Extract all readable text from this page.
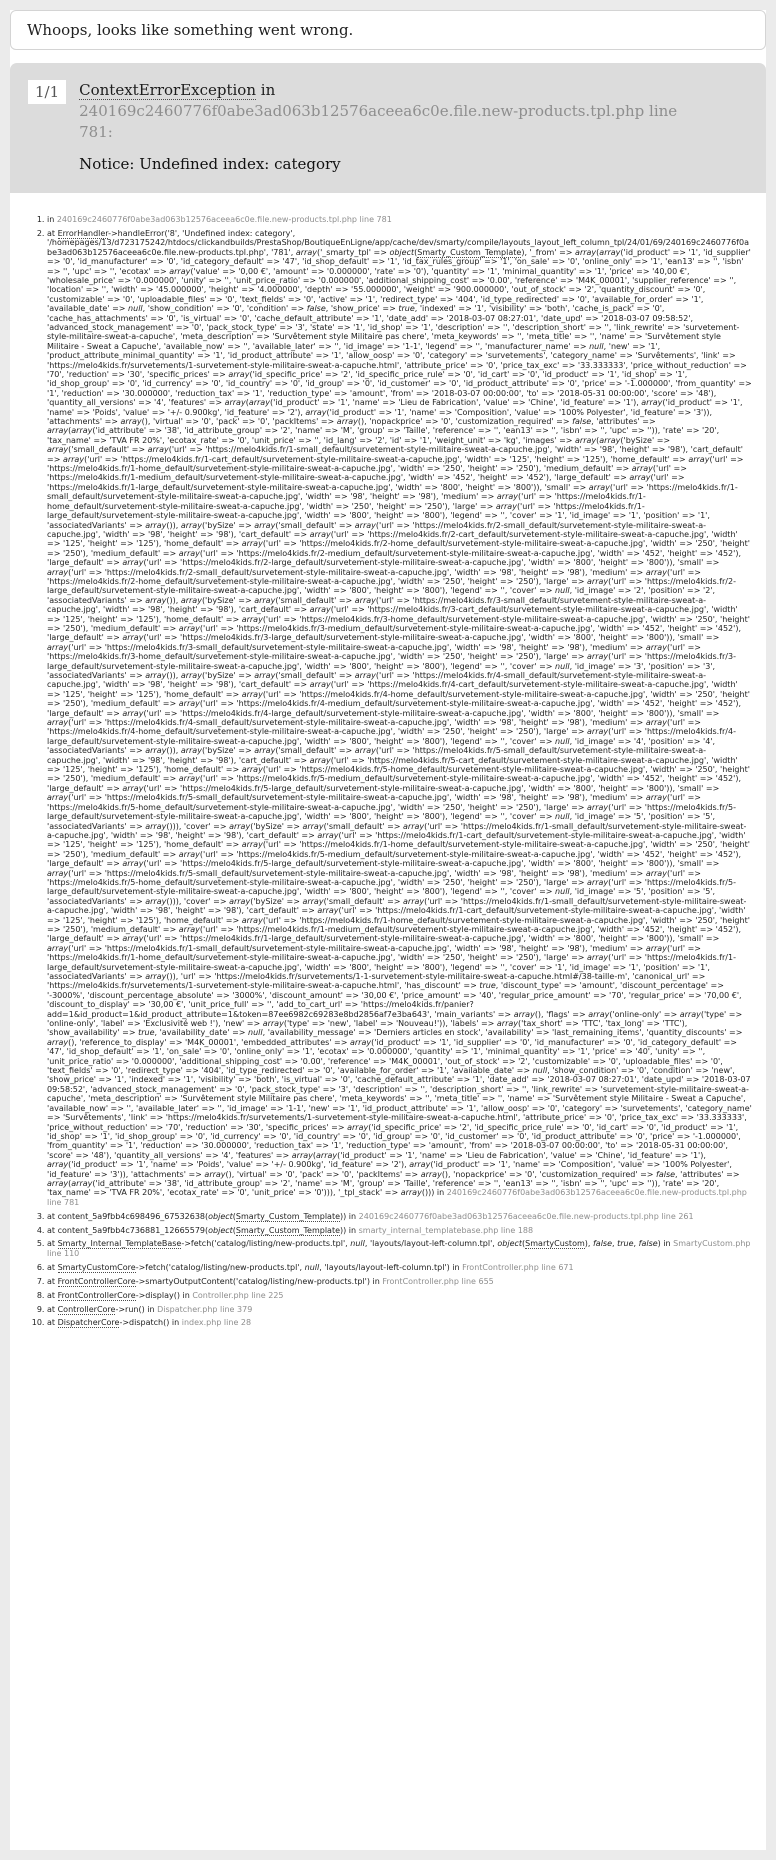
Whoops, looks like something went wrong.
1/1	ContextErrorException in 240169c2460776f0abe3ad063b12576aceea6c0e.file.new-products.tpl.php line 781:

Notice: Undefined index: category

1. in 240169c2460776f0abe3ad063b12576aceea6c0e.file.new-products.tpl.php line 781
2. at ErrorHandler->handleError('8', 'Undefined index: category', '/homepages/13/d723175242/htdocs/clickandbuilds/PrestaShop/BoutiqueEnLigne/app/cache/dev/smarty/compile/layouts_layout_left_column_tpl/24/01/69/240169c2460776f0abe3ad063b12576aceea6c0e.file.new-products.tpl.php', '781', array('_smarty_tpl' => object(Smarty_Custom_Template), '_from' => array(array('id_product' => '1', 'id_supplier' => '0', 'id_manufacturer' => '0', 'id_category_default' => '47', 'id_shop_default' => '1', 'id_tax_rules_group' => '1', 'on_sale' => '0', 'online_only' => '1', 'ean13' => '', 'isbn' => '', 'upc' => '', 'ecotax' => array('value' => '0,00 €', 'amount' => '0.000000', 'rate' => '0'), 'quantity' => '1', 'minimal_quantity' => '1', 'price' => '40,00 €', 'wholesale_price' => '0.000000', 'unity' => '', 'unit_price_ratio' => '0.000000', 'additional_shipping_cost' => '0.00', 'reference' => 'M4K_00001', 'supplier_reference' => '', 'location' => '', 'width' => '45.000000', 'height' => '4.000000', 'depth' => '55.000000', 'weight' => '900.000000', 'out_of_stock' => '2', 'quantity_discount' => '0', 'customizable' => '0', 'uploadable_files' => '0', 'text_fields' => '0', 'active' => '1', 'redirect_type' => '404', 'id_type_redirected' => '0', 'available_for_order' => '1', 'available_date' => null, 'show_condition' => '0', 'condition' => false, 'show_price' => true, 'indexed' => '1', 'visibility' => 'both', 'cache_is_pack' => '0', 'cache_has_attachments' => '0', 'is_virtual' => '0', 'cache_default_attribute' => '1', 'date_add' => '2018-03-07 08:27:01', 'date_upd' => '2018-03-07 09:58:52', 'advanced_stock_management' => '0', 'pack_stock_type' => '3', 'state' => '1', 'id_shop' => '1', 'description' => '', 'description_short' => '', 'link_rewrite' => 'survetement-style-militaire-sweat-a-capuche', 'meta_description' => 'Survêtement style Militaire pas chere', 'meta_keywords' => '', 'meta_title' => '', 'name' => 'Survêtement style Militaire - Sweat a Capuche', 'available_now' => '', 'available_later' => '', 'id_image' => '1-1', 'legend' => '', 'manufacturer_name' => null, 'new' => '1', 'product_attribute_minimal_quantity' => '1', 'id_product_attribute' => '1', 'allow_oosp' => '0', 'category' => 'survetements', 'category_name' => 'Survêtements', 'link' => 'https://melo4kids.fr/survetements/1-survetement-style-militaire-sweat-a-capuche.html', 'attribute_price' => '0', 'price_tax_exc' => '33.333333', 'price_without_reduction' => '70', 'reduction' => '30', 'specific_prices' => array('id_specific_price' => '2', 'id_specific_price_rule' => '0', 'id_cart' => '0', 'id_product' => '1', 'id_shop' => '1', 'id_shop_group' => '0', 'id_currency' => '0', 'id_country' => '0', 'id_group' => '0', 'id_customer' => '0', 'id_product_attribute' => '0', 'price' => '-1.000000', 'from_quantity' => '1', 'reduction' => '30.000000', 'reduction_tax' => '1', 'reduction_type' => 'amount', 'from' => '2018-03-07 00:00:00', 'to' => '2018-05-31 00:00:00', 'score' => '48'), 'quantity_all_versions' => '4', 'features' => array(array('id_product' => '1', 'name' => 'Lieu de Fabrication', 'value' => 'Chine', 'id_feature' => '1'), array('id_product' => '1', 'name' => 'Poids', 'value' => '+/- 0.900kg', 'id_feature' => '2'), array('id_product' => '1', 'name' => 'Composition', 'value' => '100% Polyester', 'id_feature' => '3')), 'attachments' => array(), 'virtual' => '0', 'pack' => '0', 'packItems' => array(), 'nopackprice' => '0', 'customization_required' => false, 'attributes' => array(array('id_attribute' => '38', 'id_attribute_group' => '2', 'name' => 'M', 'group' => 'Taille', 'reference' => '', 'ean13' => '', 'isbn' => '', 'upc' => '')), 'rate' => '20', 'tax_name' => 'TVA FR 20%', 'ecotax_rate' => '0', 'unit_price' => '', 'id_lang' => '2', 'id' => '1', 'weight_unit' => 'kg', 'images' => array(array('bySize' => array('small_default' => array('url' => 'https://melo4kids.fr/1-small_default/survetement-style-militaire-sweat-a-capuche.jpg', 'width' => '98', 'height' => '98'), 'cart_default' => array('url' => 'https://melo4kids.fr/1-cart_default/survetement-style-militaire-sweat-a-capuche.jpg', 'width' => '125', 'height' => '125'), 'home_default' => array('url' => 'https://melo4kids.fr/1-home_default/survetement-style-militaire-sweat-a-capuche.jpg', 'width' => '250', 'height' => '250'), 'medium_default' => array('url' => 'https://melo4kids.fr/1-medium_default/survetement-style-militaire-sweat-a-capuche.jpg', 'width' => '452', 'height' => '452'), 'large_default' => array('url' => 'https://melo4kids.fr/1-large_default/survetement-style-militaire-sweat-a-capuche.jpg', 'width' => '800', 'height' => '800')), 'small' => array('url' => 'https://melo4kids.fr/1-small_default/survetement-style-militaire-sweat-a-capuche.jpg', 'width' => '98', 'height' => '98'), 'medium' => array('url' => 'https://melo4kids.fr/1-home_default/survetement-style-militaire-sweat-a-capuche.jpg', 'width' => '250', 'height' => '250'), 'large' => array('url' => 'https://melo4kids.fr/1-large_default/survetement-style-militaire-sweat-a-capuche.jpg', 'width' => '800', 'height' => '800'), 'legend' => '', 'cover' => '1', 'id_image' => '1', 'position' => '1', 'associatedVariants' => array()), array('bySize' => array('small_default' => array('url' => 'https://melo4kids.fr/2-small_default/survetement-style-militaire-sweat-a-capuche.jpg', 'width' => '98', 'height' => '98'), 'cart_default' => array('url' => 'https://melo4kids.fr/2-cart_default/survetement-style-militaire-sweat-a-capuche.jpg', 'width' => '125', 'height' => '125'), 'home_default' => array('url' => 'https://melo4kids.fr/2-home_default/survetement-style-militaire-sweat-a-capuche.jpg', 'width' => '250', 'height' => '250'), 'medium_default' => array('url' => 'https://melo4kids.fr/2-medium_default/survetement-style-militaire-sweat-a-capuche.jpg', 'width' => '452', 'height' => '452'), 'large_default' => array('url' => 'https://melo4kids.fr/2-large_default/survetement-style-militaire-sweat-a-capuche.jpg', 'width' => '800', 'height' => '800')), 'small' => array('url' => 'https://melo4kids.fr/2-small_default/survetement-style-militaire-sweat-a-capuche.jpg', 'width' => '98', 'height' => '98'), 'medium' => array('url' => 'https://melo4kids.fr/2-home_default/survetement-style-militaire-sweat-a-capuche.jpg', 'width' => '250', 'height' => '250'), 'large' => array('url' => 'https://melo4kids.fr/2-large_default/survetement-style-militaire-sweat-a-capuche.jpg', 'width' => '800', 'height' => '800'), 'legend' => '', 'cover' => null, 'id_image' => '2', 'position' => '2', 'associatedVariants' => array()), array('bySize' => array('small_default' => array('url' => 'https://melo4kids.fr/3-small_default/survetement-style-militaire-sweat-a-capuche.jpg', 'width' => '98', 'height' => '98'), 'cart_default' => array('url' => 'https://melo4kids.fr/3-cart_default/survetement-style-militaire-sweat-a-capuche.jpg', 'width' => '125', 'height' => '125'), 'home_default' => array('url' => 'https://melo4kids.fr/3-home_default/survetement-style-militaire-sweat-a-capuche.jpg', 'width' => '250', 'height' => '250'), 'medium_default' => array('url' => 'https://melo4kids.fr/3-medium_default/survetement-style-militaire-sweat-a-capuche.jpg', 'width' => '452', 'height' => '452'), 'large_default' => array('url' => 'https://melo4kids.fr/3-large_default/survetement-style-militaire-sweat-a-capuche.jpg', 'width' => '800', 'height' => '800')), 'small' => array('url' => 'https://melo4kids.fr/3-small_default/survetement-style-militaire-sweat-a-capuche.jpg', 'width' => '98', 'height' => '98'), 'medium' => array('url' => 'https://melo4kids.fr/3-home_default/survetement-style-militaire-sweat-a-capuche.jpg', 'width' => '250', 'height' => '250'), 'large' => array('url' => 'https://melo4kids.fr/3-large_default/survetement-style-militaire-sweat-a-capuche.jpg', 'width' => '800', 'height' => '800'), 'legend' => '', 'cover' => null, 'id_image' => '3', 'position' => '3', 'associatedVariants' => array()), array('bySize' => array('small_default' => array('url' => 'https://melo4kids.fr/4-small_default/survetement-style-militaire-sweat-a-capuche.jpg', 'width' => '98', 'height' => '98'), 'cart_default' => array('url' => 'https://melo4kids.fr/4-cart_default/survetement-style-militaire-sweat-a-capuche.jpg', 'width' => '125', 'height' => '125'), 'home_default' => array('url' => 'https://melo4kids.fr/4-home_default/survetement-style-militaire-sweat-a-capuche.jpg', 'width' => '250', 'height' => '250'), 'medium_default' => array('url' => 'https://melo4kids.fr/4-medium_default/survetement-style-militaire-sweat-a-capuche.jpg', 'width' => '452', 'height' => '452'), 'large_default' => array('url' => 'https://melo4kids.fr/4-large_default/survetement-style-militaire-sweat-a-capuche.jpg', 'width' => '800', 'height' => '800')), 'small' => array('url' => 'https://melo4kids.fr/4-small_default/survetement-style-militaire-sweat-a-capuche.jpg', 'width' => '98', 'height' => '98'), 'medium' => array('url' => 'https://melo4kids.fr/4-home_default/survetement-style-militaire-sweat-a-capuche.jpg', 'width' => '250', 'height' => '250'), 'large' => array('url' => 'https://melo4kids.fr/4-large_default/survetement-style-militaire-sweat-a-capuche.jpg', 'width' => '800', 'height' => '800'), 'legend' => '', 'cover' => null, 'id_image' => '4', 'position' => '4', 'associatedVariants' => array()), array('bySize' => array('small_default' => array('url' => 'https://melo4kids.fr/5-small_default/survetement-style-militaire-sweat-a-capuche.jpg', 'width' => '98', 'height' => '98'), 'cart_default' => array('url' => 'https://melo4kids.fr/5-cart_default/survetement-style-militaire-sweat-a-capuche.jpg', 'width' => '125', 'height' => '125'), 'home_default' => array('url' => 'https://melo4kids.fr/5-home_default/survetement-style-militaire-sweat-a-capuche.jpg', 'width' => '250', 'height' => '250'), 'medium_default' => array('url' => 'https://melo4kids.fr/5-medium_default/survetement-style-militaire-sweat-a-capuche.jpg', 'width' => '452', 'height' => '452'), 'large_default' => array('url' => 'https://melo4kids.fr/5-large_default/survetement-style-militaire-sweat-a-capuche.jpg', 'width' => '800', 'height' => '800')), 'small' => array('url' => 'https://melo4kids.fr/5-small_default/survetement-style-militaire-sweat-a-capuche.jpg', 'width' => '98', 'height' => '98'), 'medium' => array('url' => 'https://melo4kids.fr/5-home_default/survetement-style-militaire-sweat-a-capuche.jpg', 'width' => '250', 'height' => '250'), 'large' => array('url' => 'https://melo4kids.fr/5-large_default/survetement-style-militaire-sweat-a-capuche.jpg', 'width' => '800', 'height' => '800'), 'legend' => '', 'cover' => null, 'id_image' => '5', 'position' => '5', 'associatedVariants' => array())), 'cover' => array('bySize' => array('small_default' => array('url' => 'https://melo4kids.fr/1-small_default/survetement-style-militaire-sweat-a-capuche.jpg', 'width' => '98', 'height' => '98'), 'cart_default' => array('url' => 'https://melo4kids.fr/1-cart_default/survetement-style-militaire-sweat-a-capuche.jpg', 'width' => '125', 'height' => '125'), 'home_default' => array('url' => 'https://melo4kids.fr/1-home_default/survetement-style-militaire-sweat-a-capuche.jpg', 'width' => '250', 'height' => '250'), 'medium_default' => array('url' => 'https://melo4kids.fr/5-medium_default/survetement-style-militaire-sweat-a-capuche.jpg', 'width' => '452', 'height' => '452'), 'large_default' => array('url' => 'https://melo4kids.fr/5-large_default/survetement-style-militaire-sweat-a-capuche.jpg', 'width' => '800', 'height' => '800')), 'small' => array('url' => 'https://melo4kids.fr/5-small_default/survetement-style-militaire-sweat-a-capuche.jpg', 'width' => '98', 'height' => '98'), 'medium' => array('url' => 'https://melo4kids.fr/5-home_default/survetement-style-militaire-sweat-a-capuche.jpg', 'width' => '250', 'height' => '250'), 'large' => array('url' => 'https://melo4kids.fr/5-large_default/survetement-style-militaire-sweat-a-capuche.jpg', 'width' => '800', 'height' => '800'), 'legend' => '', 'cover' => null, 'id_image' => '5', 'position' => '5', 'associatedVariants' => array())), 'cover' => array('bySize' => array('small_default' => array('url' => 'https://melo4kids.fr/1-small_default/survetement-style-militaire-sweat-a-capuche.jpg', 'width' => '98', 'height' => '98'), 'cart_default' => array('url' => 'https://melo4kids.fr/1-cart_default/survetement-style-militaire-sweat-a-capuche.jpg', 'width' => '125', 'height' => '125'), 'home_default' => array('url' => 'https://melo4kids.fr/1-home_default/survetement-style-militaire-sweat-a-capuche.jpg', 'width' => '250', 'height' => '250'), 'medium_default' => array('url' => 'https://melo4kids.fr/1-medium_default/survetement-style-militaire-sweat-a-capuche.jpg', 'width' => '452', 'height' => '452'), 'large_default' => array('url' => 'https://melo4kids.fr/1-large_default/survetement-style-militaire-sweat-a-capuche.jpg', 'width' => '800', 'height' => '800')), 'small' => array('url' => 'https://melo4kids.fr/1-small_default/survetement-style-militaire-sweat-a-capuche.jpg', 'width' => '98', 'height' => '98'), 'medium' => array('url' => 'https://melo4kids.fr/1-home_default/survetement-style-militaire-sweat-a-capuche.jpg', 'width' => '250', 'height' => '250'), 'large' => array('url' => 'https://melo4kids.fr/1-large_default/survetement-style-militaire-sweat-a-capuche.jpg', 'width' => '800', 'height' => '800'), 'legend' => '', 'cover' => '1', 'id_image' => '1', 'position' => '1', 'associatedVariants' => array()), 'url' => 'https://melo4kids.fr/survetements/1-1-survetement-style-militaire-sweat-a-capuche.html#/38-taille-m', 'canonical_url' => 'https://melo4kids.fr/survetements/1-survetement-style-militaire-sweat-a-capuche.html', 'has_discount' => true, 'discount_type' => 'amount', 'discount_percentage' => '-3000%', 'discount_percentage_absolute' => '3000%', 'discount_amount' => '30,00 €', 'price_amount' => '40', 'regular_price_amount' => '70', 'regular_price' => '70,00 €', 'discount_to_display' => '30,00 €', 'unit_price_full' => '', 'add_to_cart_url' => 'https://melo4kids.fr/panier?add=1&id_product=1&id_product_attribute=1&token=87ee6982c69283e8bd2856af7e3ba643', 'main_variants' => array(), 'flags' => array('online-only' => array('type' => 'online-only', 'label' => 'Exclusivité web !'), 'new' => array('type' => 'new', 'label' => 'Nouveau!')), 'labels' => array('tax_short' => 'TTC', 'tax_long' => 'TTC'), 'show_availability' => true, 'availability_date' => null, 'availability_message' => 'Derniers articles en stock', 'availability' => 'last_remaining_items', 'quantity_discounts' => array(), 'reference_to_display' => 'M4K_00001', 'embedded_attributes' => array('id_product' => '1', 'id_supplier' => '0', 'id_manufacturer' => '0', 'id_category_default' => '47', 'id_shop_default' => '1', 'on_sale' => '0', 'online_only' => '1', 'ecotax' => '0.000000', 'quantity' => '1', 'minimal_quantity' => '1', 'price' => '40', 'unity' => '', 'unit_price_ratio' => '0.000000', 'additional_shipping_cost' => '0.00', 'reference' => 'M4K_00001', 'out_of_stock' => '2', 'customizable' => '0', 'uploadable_files' => '0', 'text_fields' => '0', 'redirect_type' => '404', 'id_type_redirected' => '0', 'available_for_order' => '1', 'available_date' => null, 'show_condition' => '0', 'condition' => 'new', 'show_price' => '1', 'indexed' => '1', 'visibility' => 'both', 'is_virtual' => '0', 'cache_default_attribute' => '1', 'date_add' => '2018-03-07 08:27:01', 'date_upd' => '2018-03-07 09:58:52', 'advanced_stock_management' => '0', 'pack_stock_type' => '3', 'description' => '', 'description_short' => '', 'link_rewrite' => 'survetement-style-militaire-sweat-a-capuche', 'meta_description' => 'Survêtement style Militaire pas chere', 'meta_keywords' => '', 'meta_title' => '', 'name' => 'Survêtement style Militaire - Sweat a Capuche', 'available_now' => '', 'available_later' => '', 'id_image' => '1-1', 'new' => '1', 'id_product_attribute' => '1', 'allow_oosp' => '0', 'category' => 'survetements', 'category_name' => 'Survêtements', 'link' => 'https://melo4kids.fr/survetements/1-survetement-style-militaire-sweat-a-capuche.html', 'attribute_price' => '0', 'price_tax_exc' => '33.333333', 'price_without_reduction' => '70', 'reduction' => '30', 'specific_prices' => array('id_specific_price' => '2', 'id_specific_price_rule' => '0', 'id_cart' => '0', 'id_product' => '1', 'id_shop' => '1', 'id_shop_group' => '0', 'id_currency' => '0', 'id_country' => '0', 'id_group' => '0', 'id_customer' => '0', 'id_product_attribute' => '0', 'price' => '-1.000000', 'from_quantity' => '1', 'reduction' => '30.000000', 'reduction_tax' => '1', 'reduction_type' => 'amount', 'from' => '2018-03-07 00:00:00', 'to' => '2018-05-31 00:00:00', 'score' => '48'), 'quantity_all_versions' => '4', 'features' => array(array('id_product' => '1', 'name' => 'Lieu de Fabrication', 'value' => 'Chine', 'id_feature' => '1'), array('id_product' => '1', 'name' => 'Poids', 'value' => '+/- 0.900kg', 'id_feature' => '2'), array('id_product' => '1', 'name' => 'Composition', 'value' => '100% Polyester', 'id_feature' => '3')), 'attachments' => array(), 'virtual' => '0', 'pack' => '0', 'packItems' => array(), 'nopackprice' => '0', 'customization_required' => false, 'attributes' => array(array('id_attribute' => '38', 'id_attribute_group' => '2', 'name' => 'M', 'group' => 'Taille', 'reference' => '', 'ean13' => '', 'isbn' => '', 'upc' => '')), 'rate' => '20', 'tax_name' => 'TVA FR 20%', 'ecotax_rate' => '0', 'unit_price' => '0'))), '_tpl_stack' => array())) in 240169c2460776f0abe3ad063b12576aceea6c0e.file.new-products.tpl.php line 781
3. at content_5a9fbb4c698496_67532638(object(Smarty_Custom_Template)) in 240169c2460776f0abe3ad063b12576aceea6c0e.file.new-products.tpl.php line 261
4. at content_5a9fbb4c736881_12665579(object(Smarty_Custom_Template)) in smarty_internal_templatebase.php line 188
5. at Smarty_Internal_TemplateBase->fetch('catalog/listing/new-products.tpl', null, 'layouts/layout-left-column.tpl', object(SmartyCustom), false, true, false) in SmartyCustom.php line 110
6. at SmartyCustomCore->fetch('catalog/listing/new-products.tpl', null, 'layouts/layout-left-column.tpl') in FrontController.php line 671
7. at FrontControllerCore->smartyOutputContent('catalog/listing/new-products.tpl') in FrontController.php line 655
8. at FrontControllerCore->display() in Controller.php line 225
9. at ControllerCore->run() in Dispatcher.php line 379
10. at DispatcherCore->dispatch() in index.php line 28
